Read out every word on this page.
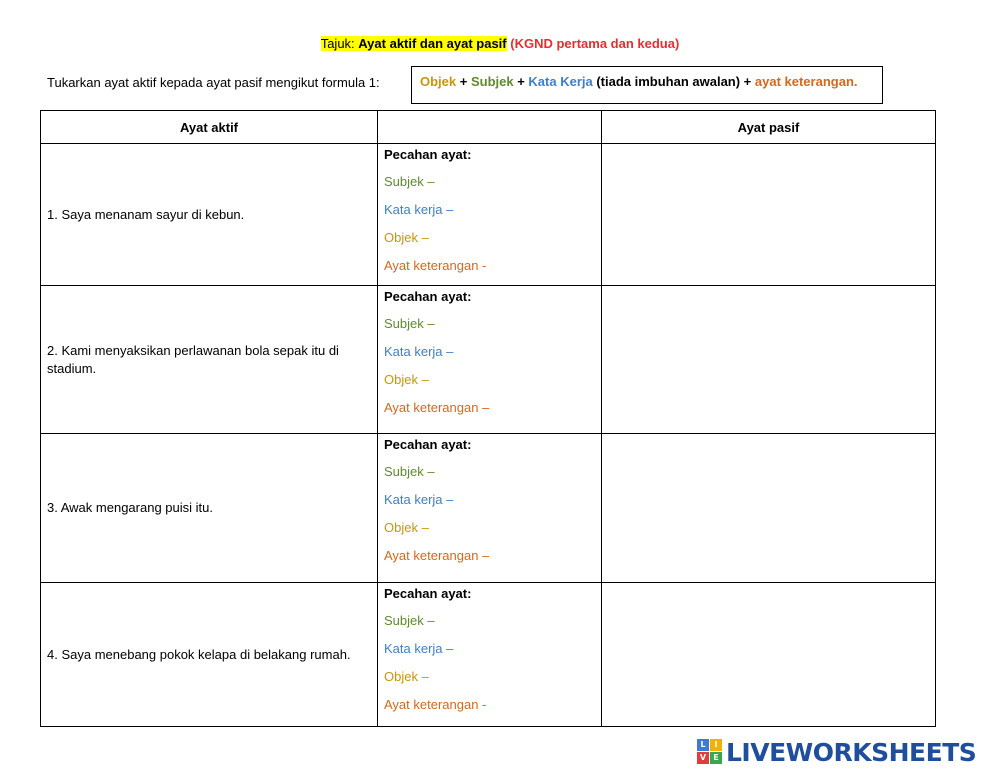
Tajuk: Ayat aktif dan ayat pasif (KGND pertama dan kedua)
Tukarkan ayat aktif kepada ayat pasif mengikut formula 1:	Objek + Subjek + Kata Kerja (tiada imbuhan awalan) + ayat keterangan.
Ayat aktif		Ayat pasif
1. Saya menanam sayur di kebun.	Pecahan ayat:
Subjek –
Kata kerja –
Objek –
Ayat keterangan -	

2. Kami menyaksikan perlawanan bola sepak itu di stadium.	Pecahan ayat:
Subjek –
Kata kerja –
Objek –
Ayat keterangan –	

3. Awak mengarang puisi itu.	Pecahan ayat:
Subjek –
Kata kerja –
Objek –
Ayat keterangan –	

4. Saya menebang pokok kelapa di belakang rumah.	Pecahan ayat:
Subjek –
Kata kerja –
Objek –
Ayat keterangan -	

L	I
V E LIVEWORKSHEETS
